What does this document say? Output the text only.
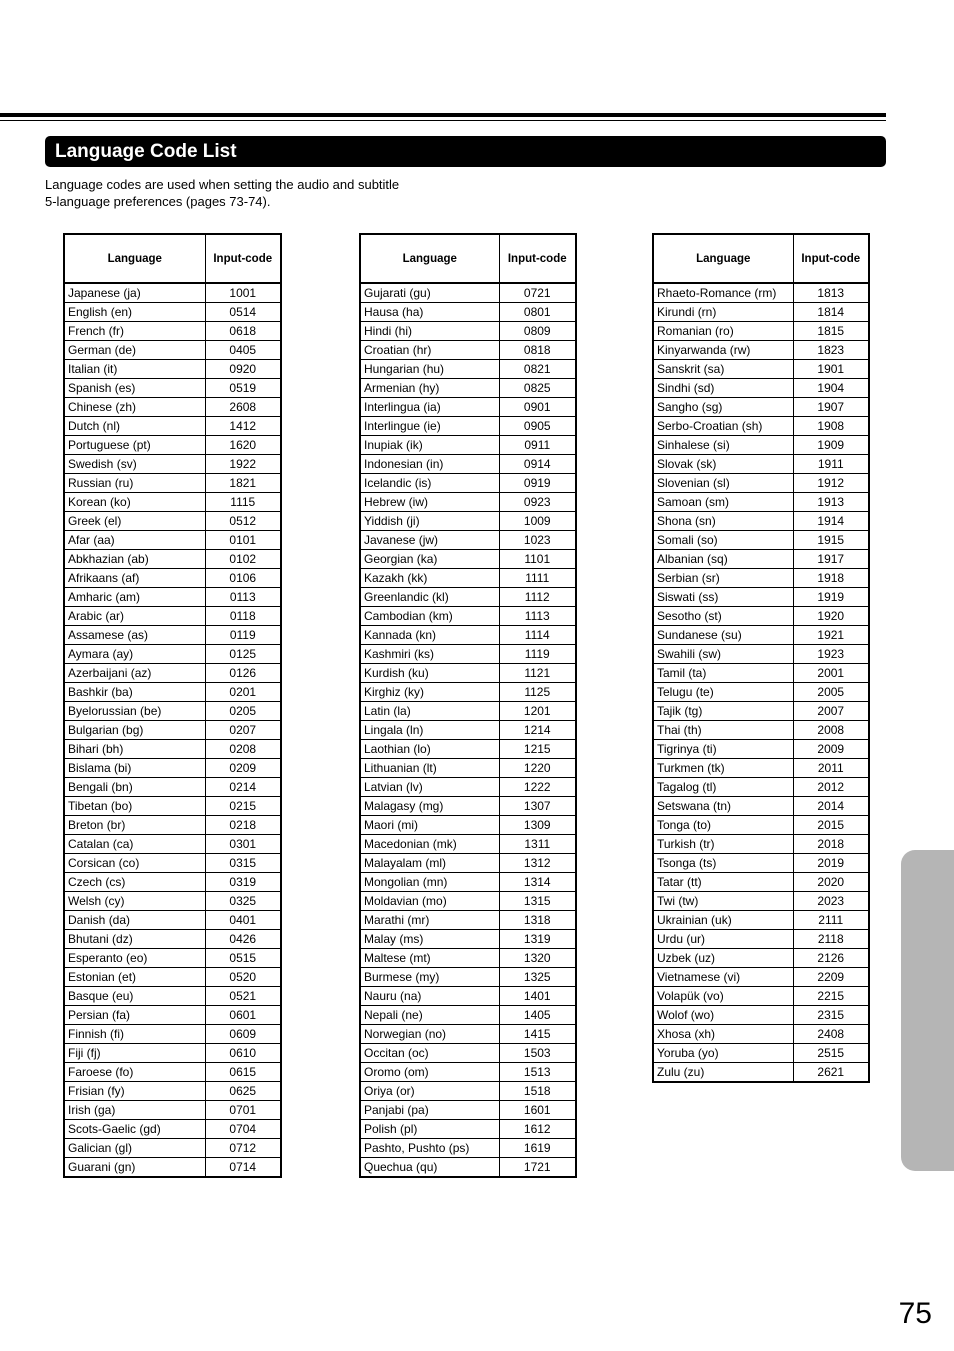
Language Code List
Language codes are used when setting the audio and subtitle
5-language preferences (pages 73-74).
Language	Input-code
Japanese (ja)	1001
English (en)	0514
French (fr)	0618
German (de)	0405
Italian (it)	0920
Spanish (es)	0519
Chinese (zh)	2608
Dutch (nl)	1412
Portuguese (pt)	1620
Swedish (sv)	1922
Russian (ru)	1821
Korean (ko)	1115
Greek (el)	0512
Afar (aa)	0101
Abkhazian (ab)	0102
Afrikaans (af)	0106
Amharic (am)	0113
Arabic (ar)	0118
Assamese (as)	0119
Aymara (ay)	0125
Azerbaijani (az)	0126
Bashkir (ba)	0201
Byelorussian (be)	0205
Bulgarian (bg)	0207
Bihari (bh)	0208
Bislama (bi)	0209
Bengali (bn)	0214
Tibetan (bo)	0215
Breton (br)	0218
Catalan (ca)	0301
Corsican (co)	0315
Czech (cs)	0319
Welsh (cy)	0325
Danish (da)	0401
Bhutani (dz)	0426
Esperanto (eo)	0515
Estonian (et)	0520
Basque (eu)	0521
Persian (fa)	0601
Finnish (fi)	0609
Fiji (fj)	0610
Faroese (fo)	0615
Frisian (fy)	0625
Irish (ga)	0701
Scots-Gaelic (gd)	0704
Galician (gl)	0712
Guarani (gn)	0714
Language	Input-code
Gujarati (gu)	0721
Hausa (ha)	0801
Hindi (hi)	0809
Croatian (hr)	0818
Hungarian (hu)	0821
Armenian (hy)	0825
Interlingua (ia)	0901
Interlingue (ie)	0905
Inupiak (ik)	0911
Indonesian (in)	0914
Icelandic (is)	0919
Hebrew (iw)	0923
Yiddish (ji)	1009
Javanese (jw)	1023
Georgian (ka)	1101
Kazakh (kk)	1111
Greenlandic (kl)	1112
Cambodian (km)	1113
Kannada (kn)	1114
Kashmiri (ks)	1119
Kurdish (ku)	1121
Kirghiz (ky)	1125
Latin (la)	1201
Lingala (ln)	1214
Laothian (lo)	1215
Lithuanian (lt)	1220
Latvian (lv)	1222
Malagasy (mg)	1307
Maori (mi)	1309
Macedonian (mk)	1311
Malayalam (ml)	1312
Mongolian (mn)	1314
Moldavian (mo)	1315
Marathi (mr)	1318
Malay (ms)	1319
Maltese (mt)	1320
Burmese (my)	1325
Nauru (na)	1401
Nepali (ne)	1405
Norwegian (no)	1415
Occitan (oc)	1503
Oromo (om)	1513
Oriya (or)	1518
Panjabi (pa)	1601
Polish (pl)	1612
Pashto, Pushto (ps)	1619
Quechua (qu)	1721
Language	Input-code
Rhaeto-Romance (rm)	1813
Kirundi (rn)	1814
Romanian (ro)	1815
Kinyarwanda (rw)	1823
Sanskrit (sa)	1901
Sindhi (sd)	1904
Sangho (sg)	1907
Serbo-Croatian (sh)	1908
Sinhalese (si)	1909
Slovak (sk)	1911
Slovenian (sl)	1912
Samoan (sm)	1913
Shona (sn)	1914
Somali (so)	1915
Albanian (sq)	1917
Serbian (sr)	1918
Siswati (ss)	1919
Sesotho (st)	1920
Sundanese (su)	1921
Swahili (sw)	1923
Tamil (ta)	2001
Telugu (te)	2005
Tajik (tg)	2007
Thai (th)	2008
Tigrinya (ti)	2009
Turkmen (tk)	2011
Tagalog (tl)	2012
Setswana (tn)	2014
Tonga (to)	2015
Turkish (tr)	2018
Tsonga (ts)	2019
Tatar (tt)	2020
Twi (tw)	2023
Ukrainian (uk)	2111
Urdu (ur)	2118
Uzbek (uz)	2126
Vietnamese (vi)	2209
Volapük (vo)	2215
Wolof (wo)	2315
Xhosa (xh)	2408
Yoruba (yo)	2515
Zulu (zu)	2621
75
